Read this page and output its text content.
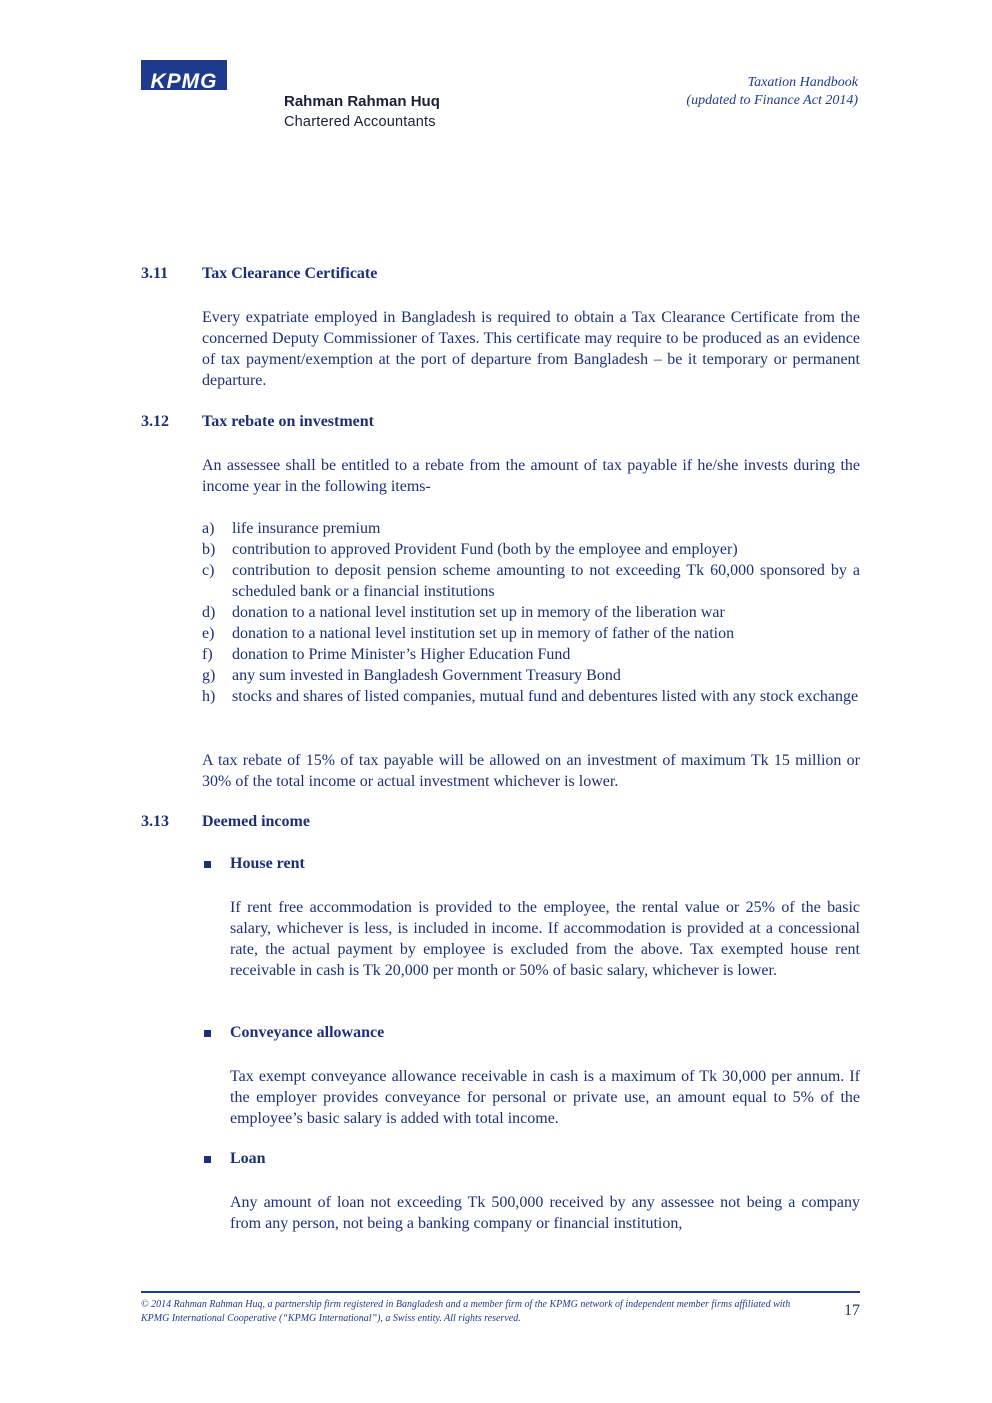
KPMG
Rahman Rahman Huq
Chartered Accountants
Taxation Handbook
(updated to Finance Act 2014)
3.11 Tax Clearance Certificate
Every expatriate employed in Bangladesh is required to obtain a Tax Clearance Certificate from the concerned Deputy Commissioner of Taxes. This certificate may require to be produced as an evidence of tax payment/exemption at the port of departure from Bangladesh – be it temporary or permanent departure.
3.12 Tax rebate on investment
An assessee shall be entitled to a rebate from the amount of tax payable if he/she invests during the income year in the following items-
a)	life insurance premium
b)	contribution to approved Provident Fund (both by the employee and employer)
c)	contribution to deposit pension scheme amounting to not exceeding Tk 60,000 sponsored by a scheduled bank or a financial institutions
d)	donation to a national level institution set up in memory of the liberation war
e)	donation to a national level institution set up in memory of father of the nation
f)	donation to Prime Minister’s Higher Education Fund
g)	any sum invested in Bangladesh Government Treasury Bond
h)	stocks and shares of listed companies, mutual fund and debentures listed with any stock exchange
A tax rebate of 15% of tax payable will be allowed on an investment of maximum Tk 15 million or 30% of the total income or actual investment whichever is lower.
3.13 Deemed income
House rent
If rent free accommodation is provided to the employee, the rental value or 25% of the basic salary, whichever is less, is included in income. If accommodation is provided at a concessional rate, the actual payment by employee is excluded from the above. Tax exempted house rent receivable in cash is Tk 20,000 per month or 50% of basic salary, whichever is lower.
Conveyance allowance
Tax exempt conveyance allowance receivable in cash is a maximum of Tk 30,000 per annum. If the employer provides conveyance for personal or private use, an amount equal to 5% of the employee’s basic salary is added with total income.
Loan
Any amount of loan not exceeding Tk 500,000 received by any assessee not being a company from any person, not being a banking company or financial institution,
© 2014 Rahman Rahman Huq, a partnership firm registered in Bangladesh and a member firm of the KPMG network of independent member firms affiliated with KPMG International Cooperative (“KPMG International”), a Swiss entity. All rights reserved.	17
